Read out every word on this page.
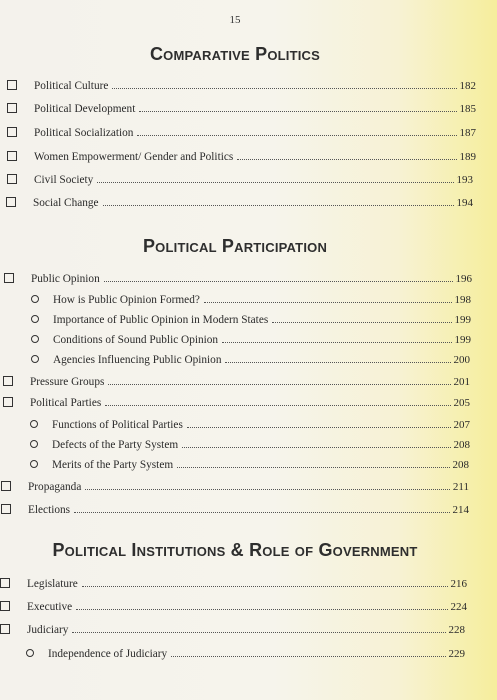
15
Comparative Politics
Political Culture	182
Political Development	185
Political Socialization	187
Women Empowerment/ Gender and Politics	189
Civil Society	193
Social Change	194
Political Participation
Public Opinion	196
How is Public Opinion Formed?	198
Importance of Public Opinion in Modern States	199
Conditions of Sound Public Opinion	199
Agencies Influencing Public Opinion	200
Pressure Groups	201
Political Parties	205
Functions of Political Parties	207
Defects of the Party System	208
Merits of the Party System	208
Propaganda	211
Elections	214
Political Institutions & Role of Government
Legislature	216
Executive	224
Judiciary	228
Independence of Judiciary	229
